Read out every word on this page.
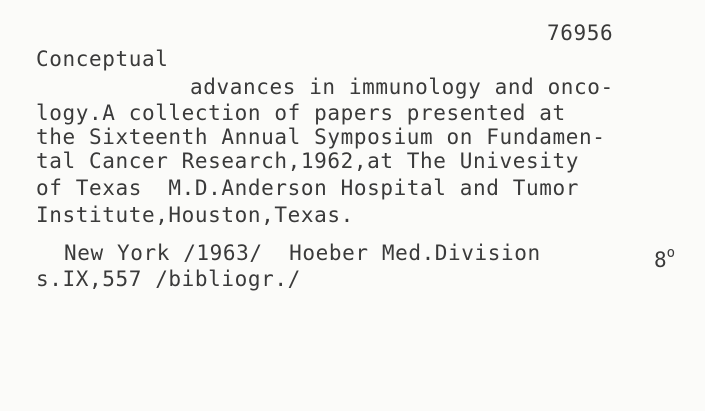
76956
Conceptual
advances in immunology and onco-
logy.A collection of papers presented at
the Sixteenth Annual Symposium on Fundamen-
tal Cancer Research,1962,at The Univesity
of Texas  M.D.Anderson Hospital and Tumor
Institute,Houston,Texas.
New York /1963/  Hoeber Med.Division	8$^o$
s.IX,557 /bibliogr./
